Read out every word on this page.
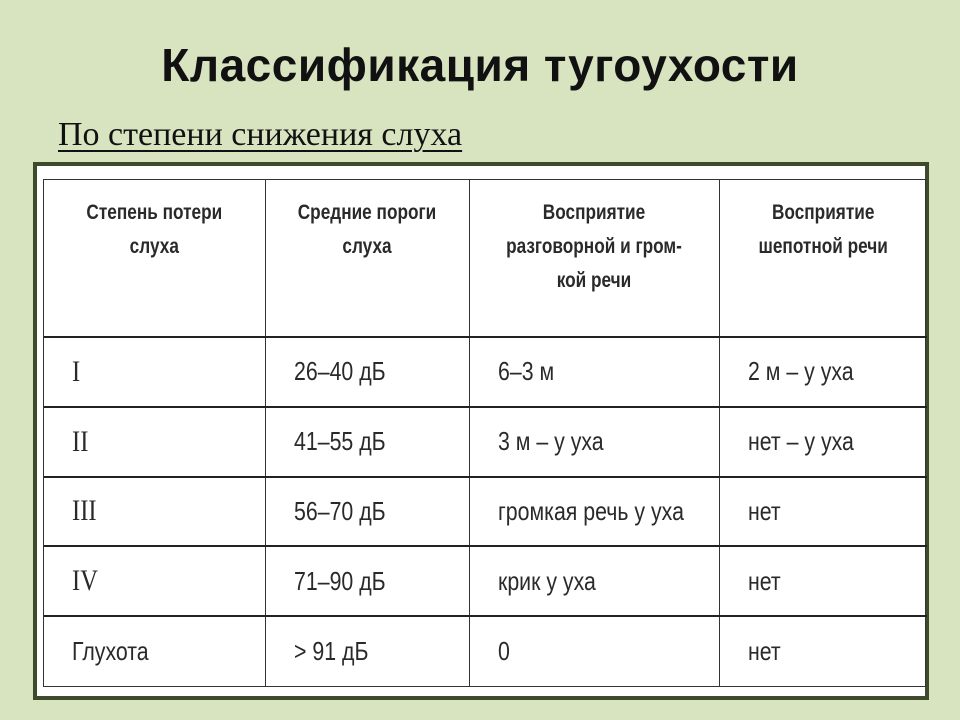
Классификация тугоухости
По степени снижения слуха
Степень потери слуха	Средние пороги слуха	Восприятие разговорной и гром-кой речи	Восприятие шепотной речи
I	26–40 дБ	6–3 м	2 м – у уха
II	41–55 дБ	3 м – у уха	нет – у уха
III	56–70 дБ	громкая речь у уха	нет
IV	71–90 дБ	крик у уха	нет
Глухота	> 91 дБ	0	нет
